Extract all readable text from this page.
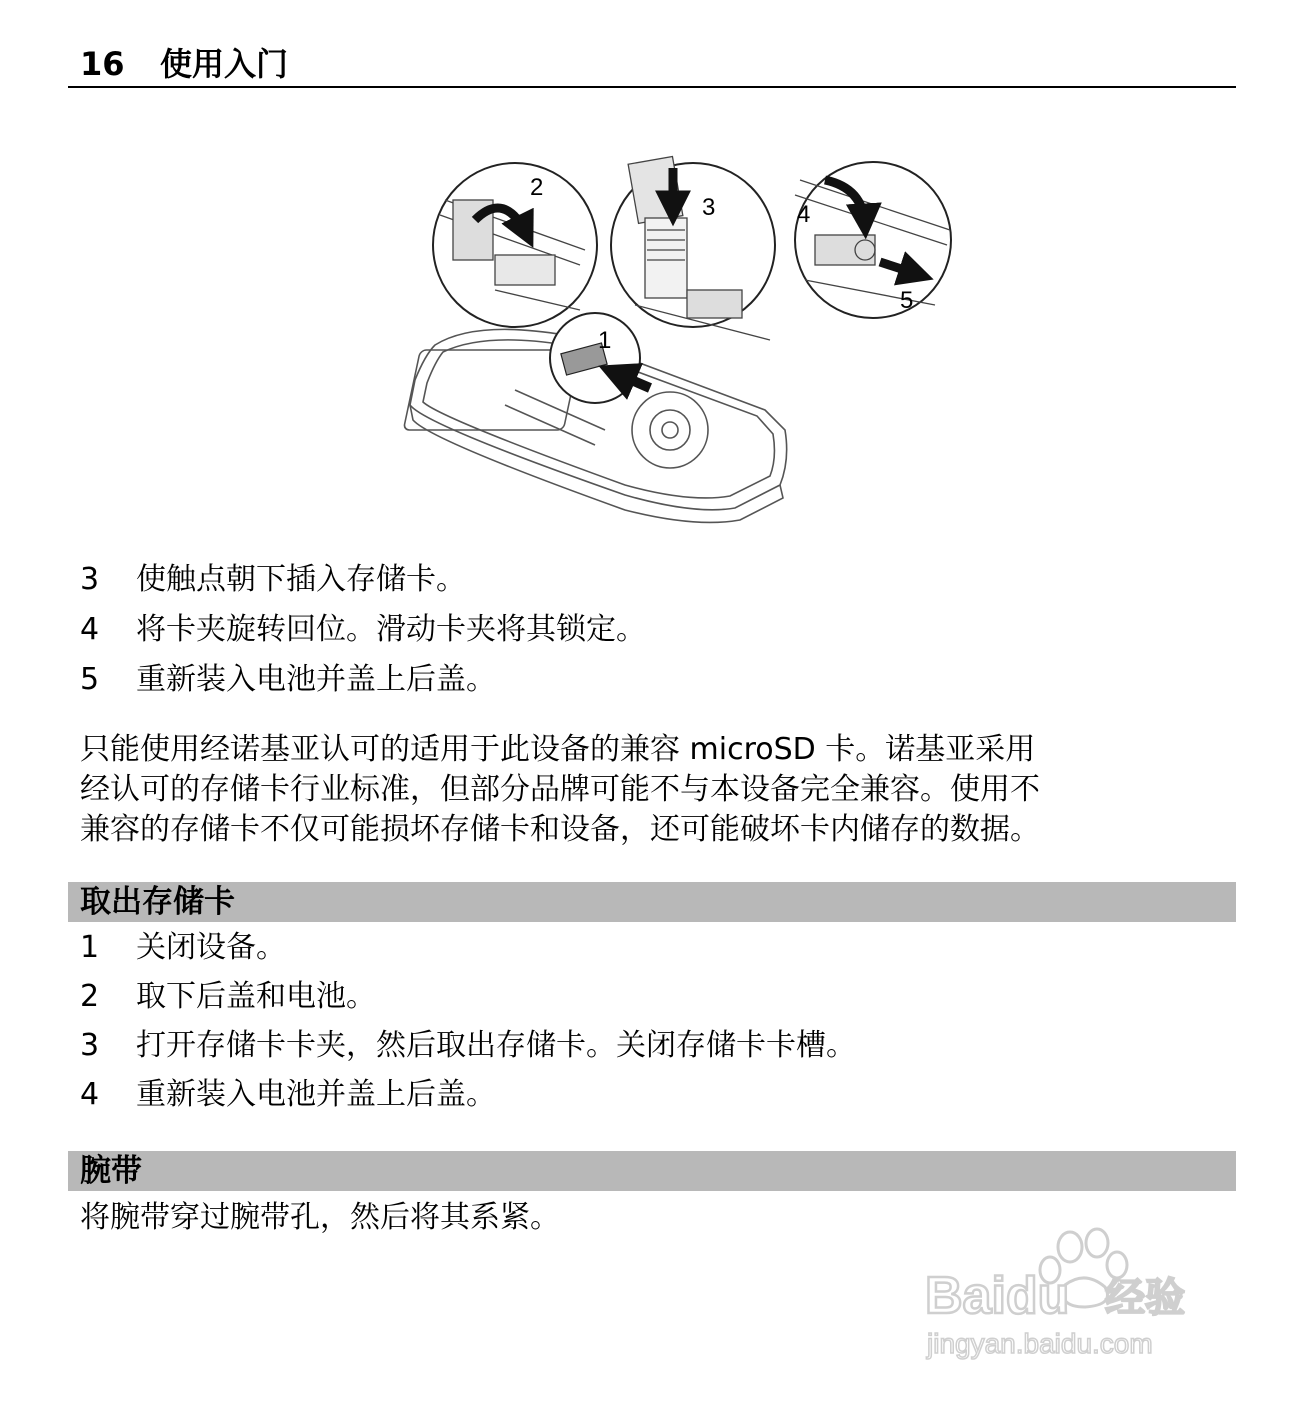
16 使用入门
1
2
3	4
5
3 使触点朝下插入存储卡。
4 将卡夹旋转回位。滑动卡夹将其锁定。
5 重新装入电池并盖上后盖。
只能使用经诺基亚认可的适用于此设备的兼容 microSD 卡。诺基亚采用
经认可的存储卡行业标准，但部分品牌可能不与本设备完全兼容。使用不
兼容的存储卡不仅可能损坏存储卡和设备，还可能破坏卡内储存的数据。
取出存储卡
1 关闭设备。
2 取下后盖和电池。
3 打开存储卡卡夹，然后取出存储卡。关闭存储卡卡槽。
4 重新装入电池并盖上后盖。
腕带
将腕带穿过腕带孔，然后将其系紧。
Baidu 经验
jingyan.baidu.com
